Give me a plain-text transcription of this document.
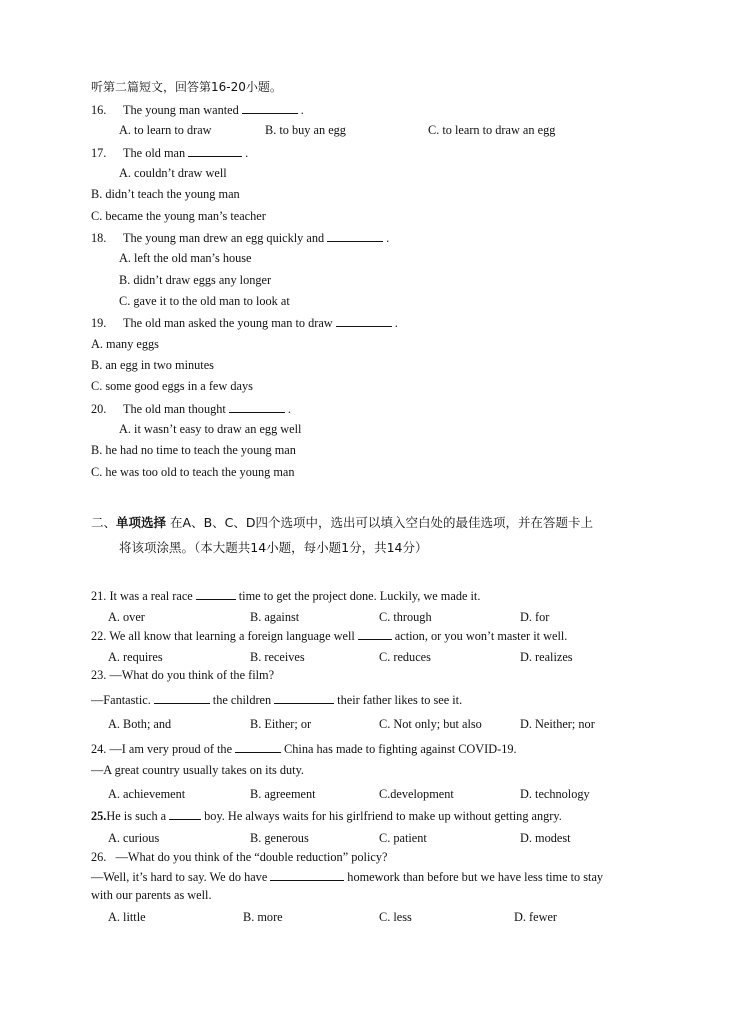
听第二篇短文，回答第16-20小题。
16. The young man wanted	.
A. to learn to draw	B. to buy an egg	C. to learn to draw an egg
17. The old man	.
A. couldn’t draw well
B. didn’t teach the young man
C. became the young man’s teacher
18. The young man drew an egg quickly and	.
A. left the old man’s house
B. didn’t draw eggs any longer
C. gave it to the old man to look at
19. The old man asked the young man to draw	.
A. many eggs
B. an egg in two minutes
C. some good eggs in a few days
20. The old man thought	.
A. it wasn’t easy to draw an egg well
B. he had no time to teach the young man
C. he was too old to teach the young man
二、单项选择 在A、B、C、D四个选项中，选出可以填入空白处的最佳选项，并在答题卡上
将该项涂黑。（本大题共14小题，每小题1分，共14分）
21. It was a real race	time to get the project done. Luckily, we made it.
A. over	B. against	C. through	D. for
22. We all know that learning a foreign language well	action, or you won’t master it well.
A. requires	B. receives	C. reduces	D. realizes
23. —What do you think of the film?
—Fantastic.	the children	their father likes to see it.
A. Both; and	B. Either; or	C. Not only; but also	D. Neither; nor
24. —I am very proud of the	China has made to fighting against COVID-19.
—A great country usually takes on its duty.
A. achievement	B. agreement	C.development	D. technology
25.He is such a	boy. He always waits for his girlfriend to make up without getting angry.
A. curious	B. generous	C. patient	D. modest
26. —What do you think of the “double reduction” policy?
—Well, it’s hard to say. We do have	homework than before but we have less time to stay
with our parents as well.
A. little	B. more	C. less	D. fewer
